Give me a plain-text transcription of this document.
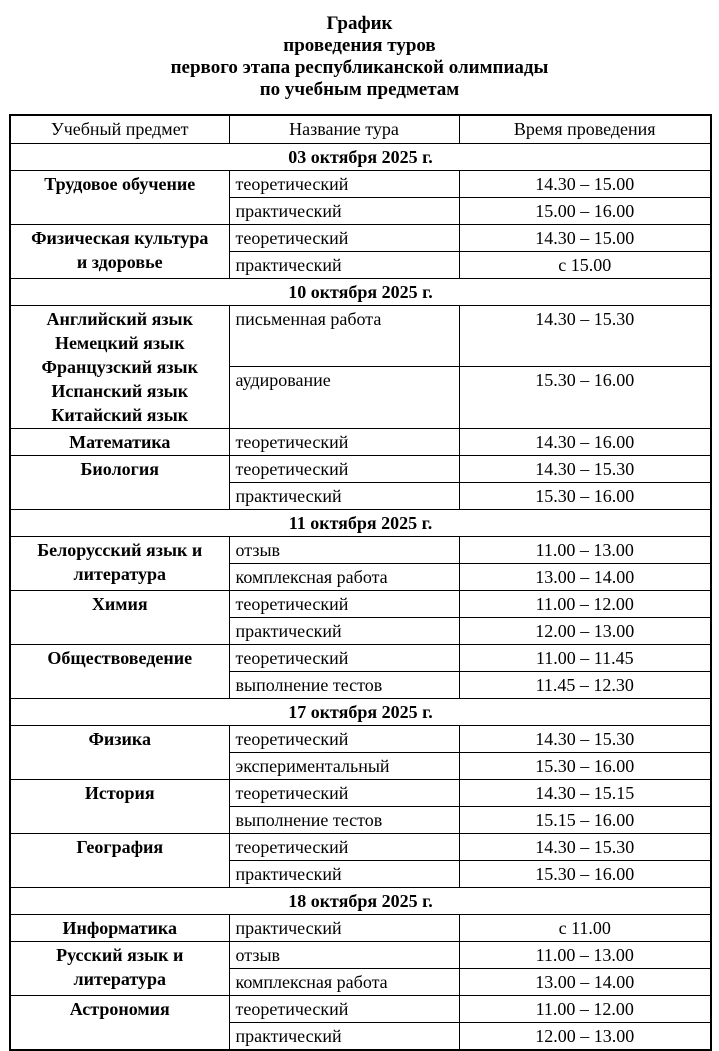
График
проведения туров
первого этапа республиканской олимпиады
по учебным предметам
Учебный предмет	Название тура	Время проведения
03 октября 2025 г.		

Трудовое обучение	теоретический	14.30 – 15.00
	практический	15.00 – 16.00

Физическая культура
и здоровье	теоретический	14.30 – 15.00
	практический	с 15.00
10 октября 2025 г.		

Английский язык
Немецкий язык
Французский язык
Испанский язык
Китайский язык	письменная работа	14.30 – 15.30
	аудирование	15.30 – 16.00

Математика	теоретический	14.30 – 16.00

Биология	теоретический	14.30 – 15.30
	практический	15.30 – 16.00
11 октября 2025 г.		

Белорусский язык и
литература	отзыв	11.00 – 13.00
	комплексная работа	13.00 – 14.00

Химия	теоретический	11.00 – 12.00
	практический	12.00 – 13.00

Обществоведение	теоретический	11.00 – 11.45
	выполнение тестов	11.45 – 12.30
17 октября 2025 г.		

Физика	теоретический	14.30 – 15.30
	экспериментальный	15.30 – 16.00

История	теоретический	14.30 – 15.15
	выполнение тестов	15.15 – 16.00

География	теоретический	14.30 – 15.30
	практический	15.30 – 16.00
18 октября 2025 г.		

Информатика	практический	с 11.00

Русский язык и
литература	отзыв	11.00 – 13.00
	комплексная работа	13.00 – 14.00

Астрономия	теоретический	11.00 – 12.00
	практический	12.00 – 13.00
